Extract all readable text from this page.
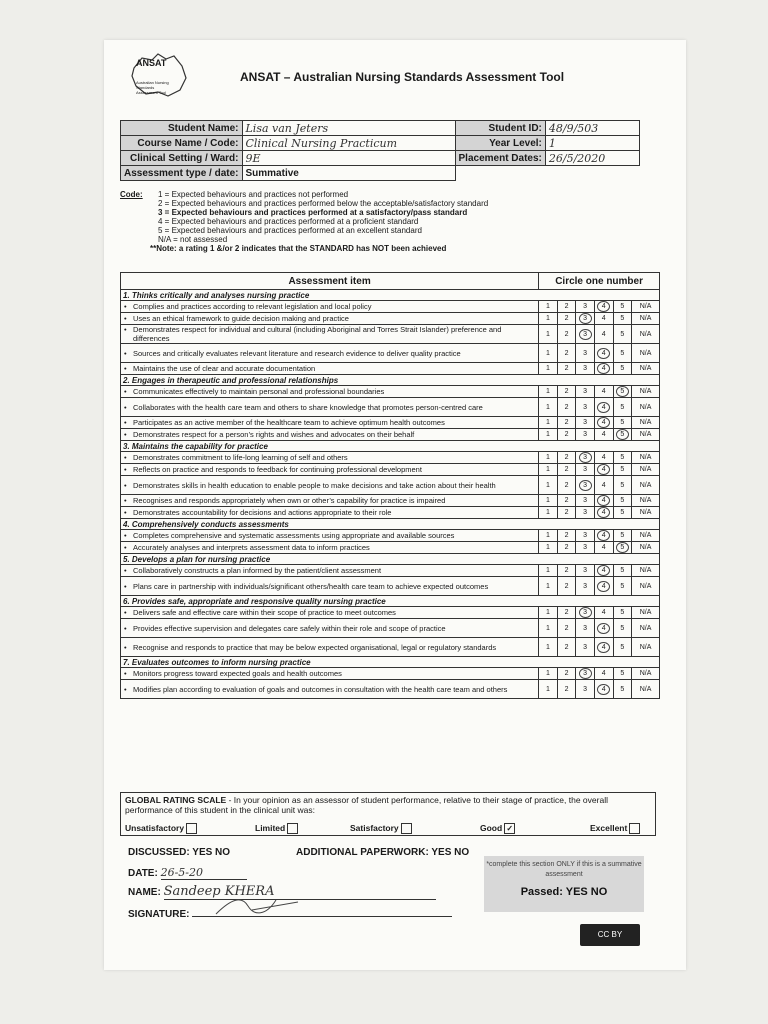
ANSAT
Australian Nursing Standards Assessment Tool
ANSAT – Australian Nursing Standards Assessment Tool
Student Name:	Lisa van Jeters	Student ID:	48/9/503
Course Name / Code:	Clinical Nursing Practicum	Year Level:	1
Clinical Setting / Ward:	9E	Placement Dates:	26/5/2020
Assessment type / date:	Summative		
Code: 1 = Expected behaviours and practices not performed
2 = Expected behaviours and practices performed below the acceptable/satisfactory standard
3 = Expected behaviours and practices performed at a satisfactory/pass standard
4 = Expected behaviours and practices performed at a proficient standard
5 = Expected behaviours and practices performed at an excellent standard
N/A = not assessed
**Note: a rating 1 &/or 2 indicates that the STANDARD has NOT been achieved
Assessment item	Circle one number					
1. Thinks critically and analyses nursing practice						

• Complies and practices according to relevant legislation and local policy	1	2	3	4	5	N/A

• Uses an ethical framework to guide decision making and practice	1	2	3	4	5	N/A

• Demonstrates respect for individual and cultural (including Aboriginal and Torres Strait Islander) preference and differences	1	2	3	4	5	N/A

• Sources and critically evaluates relevant literature and research evidence to deliver quality practice	1	2	3	4	5	N/A

• Maintains the use of clear and accurate documentation	1	2	3	4	5	N/A
2. Engages in therapeutic and professional relationships						

• Communicates effectively to maintain personal and professional boundaries	1	2	3	4	5	N/A

• Collaborates with the health care team and others to share knowledge that promotes person-centred care	1	2	3	4	5	N/A

• Participates as an active member of the healthcare team to achieve optimum health outcomes	1	2	3	4	5	N/A

• Demonstrates respect for a person’s rights and wishes and advocates on their behalf	1	2	3	4	5	N/A
3. Maintains the capability for practice						

• Demonstrates commitment to life-long learning of self and others	1	2	3	4	5	N/A

• Reflects on practice and responds to feedback for continuing professional development	1	2	3	4	5	N/A

• Demonstrates skills in health education to enable people to make decisions and take action about their health	1	2	3	4	5	N/A

• Recognises and responds appropriately when own or other’s capability for practice is impaired	1	2	3	4	5	N/A

• Demonstrates accountability for decisions and actions appropriate to their role	1	2	3	4	5	N/A
4. Comprehensively conducts assessments						

• Completes comprehensive and systematic assessments using appropriate and available sources	1	2	3	4	5	N/A

• Accurately analyses and interprets assessment data to inform practices	1	2	3	4	5	N/A
5. Develops a plan for nursing practice						

• Collaboratively constructs a plan informed by the patient/client assessment	1	2	3	4	5	N/A

• Plans care in partnership with individuals/significant others/health care team to achieve expected outcomes	1	2	3	4	5	N/A
6. Provides safe, appropriate and responsive quality nursing practice						

• Delivers safe and effective care within their scope of practice to meet outcomes	1	2	3	4	5	N/A

• Provides effective supervision and delegates care safely within their role and scope of practice	1	2	3	4	5	N/A

• Recognise and responds to practice that may be below expected organisational, legal or regulatory standards	1	2	3	4	5	N/A
7. Evaluates outcomes to inform nursing practice						

• Monitors progress toward expected goals and health outcomes	1	2	3	4	5	N/A

• Modifies plan according to evaluation of goals and outcomes in consultation with the health care team and others	1	2	3	4	5	N/A
GLOBAL RATING SCALE - In your opinion as an assessor of student performance, relative to their stage of practice, the overall performance of this student in the clinical unit was:
Unsatisfactory	Limited	Satisfactory	Good ✓	Excellent
DISCUSSED: YES NO	ADDITIONAL PAPERWORK: YES NO
DATE: 26-5-20
NAME: Sandeep KHERA
SIGNATURE:
*complete this section ONLY if this is a summative assessment
Passed: YES NO
CC BY
